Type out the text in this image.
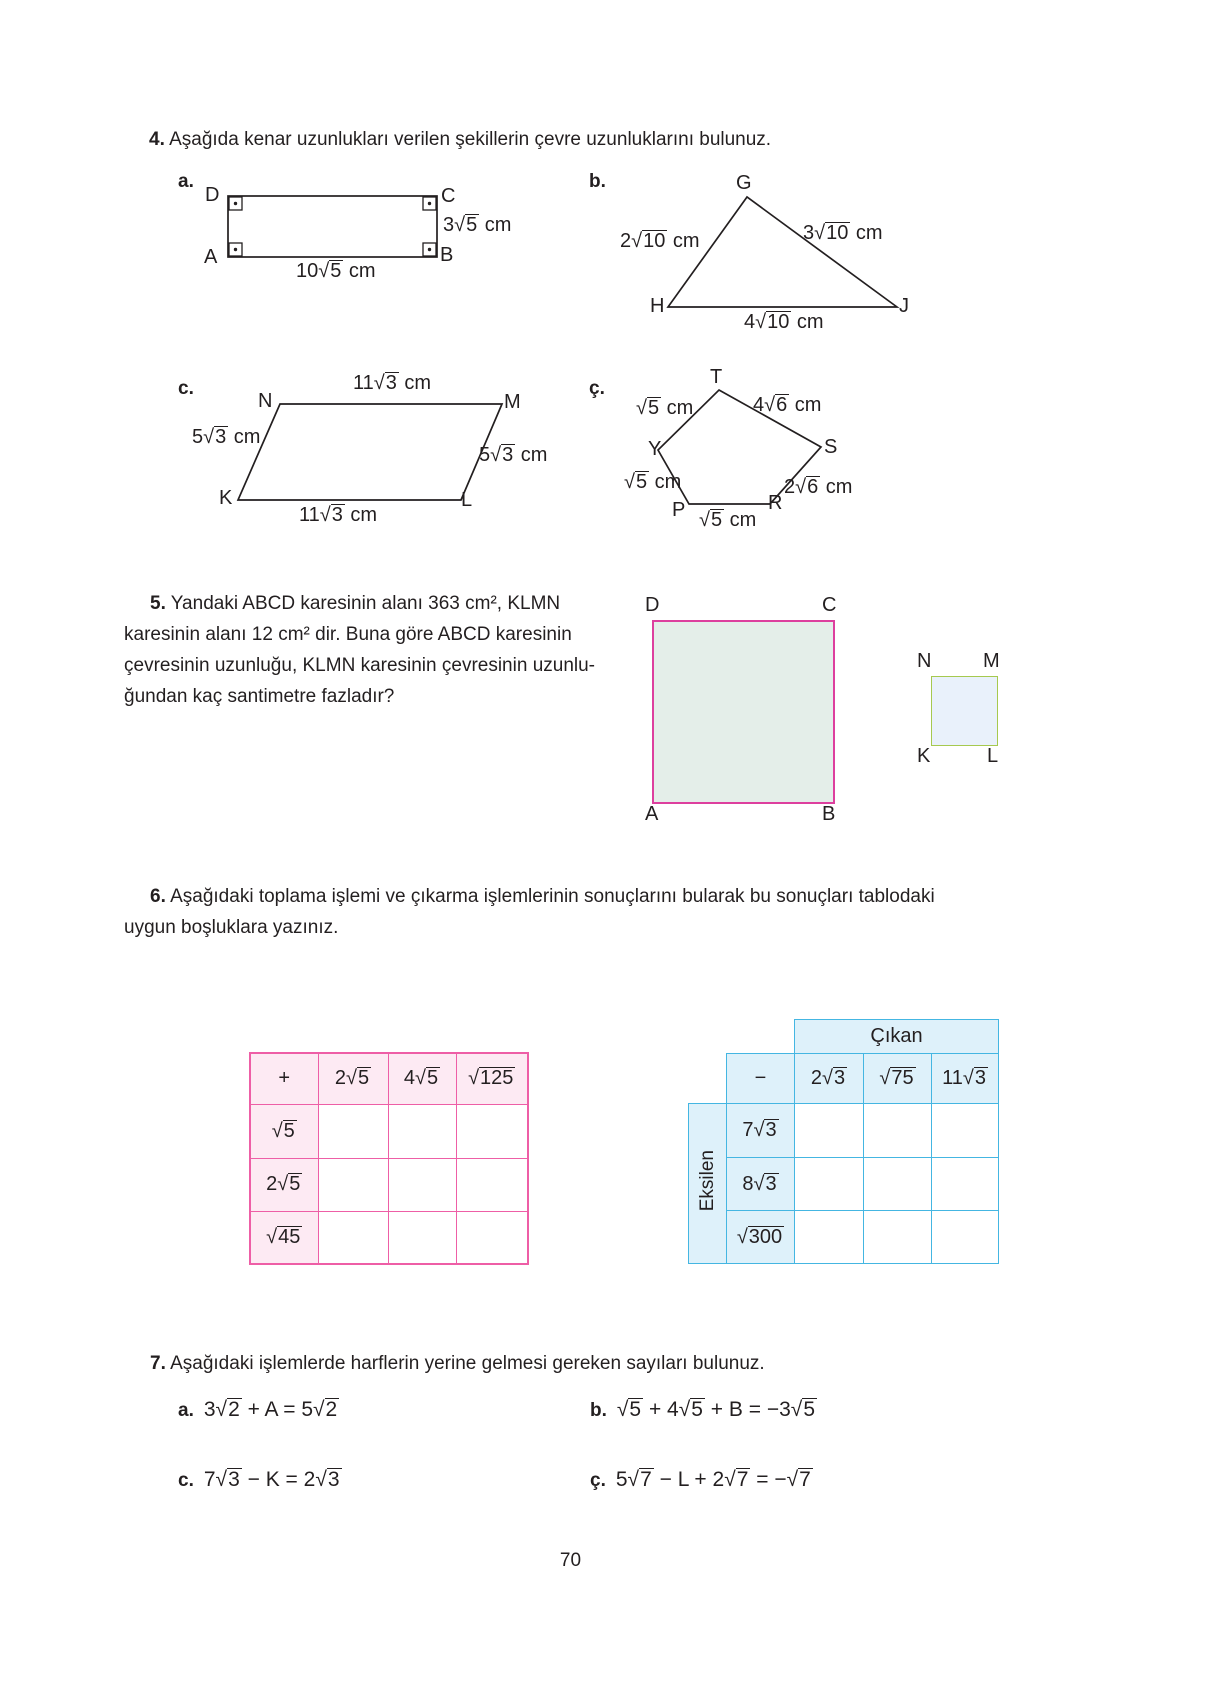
4. Aşağıda kenar uzunlukları verilen şekillerin çevre uzunluklarını bulunuz.
a.
D	C
A	B
3√5 cm
10√5 cm
b.	G
H	J
2√10 cm	3√10 cm
4√10 cm
c.	11√3 cm
N	M
5√3 cm
5√3 cm
K	L
11√3 cm
ç.
T
√5 cm	4√6 cm
S
Y
√5 cm	2√6 cm
P	R
√5 cm
5. Yandaki ABCD karesinin alanı 363 cm², KLMN
karesinin alanı 12 cm² dir. Buna göre ABCD karesinin
çevresinin uzunluğu, KLMN karesinin çevresinin uzunlu-
ğundan kaç santimetre fazladır?
D	C
A	B
N	M
K	L
6. Aşağıdaki toplama işlemi ve çıkarma işlemlerinin sonuçlarını bularak bu sonuçları tablodaki
uygun boşluklara yazınız.
+	2√5	4√5	√125
√5			
2√5			
√45			
		Çıkan		
	−	2√3	√75	11√3
Eksilen	7√3			
	8√3			
	√300			
7. Aşağıdaki işlemlerde harflerin yerine gelmesi gereken sayıları bulunuz.
a. 3√2 + A = 5√2	b. √5 + 4√5 + B = −3√5
c. 7√3 − K = 2√3	ç. 5√7 − L + 2√7 = −√7
70
